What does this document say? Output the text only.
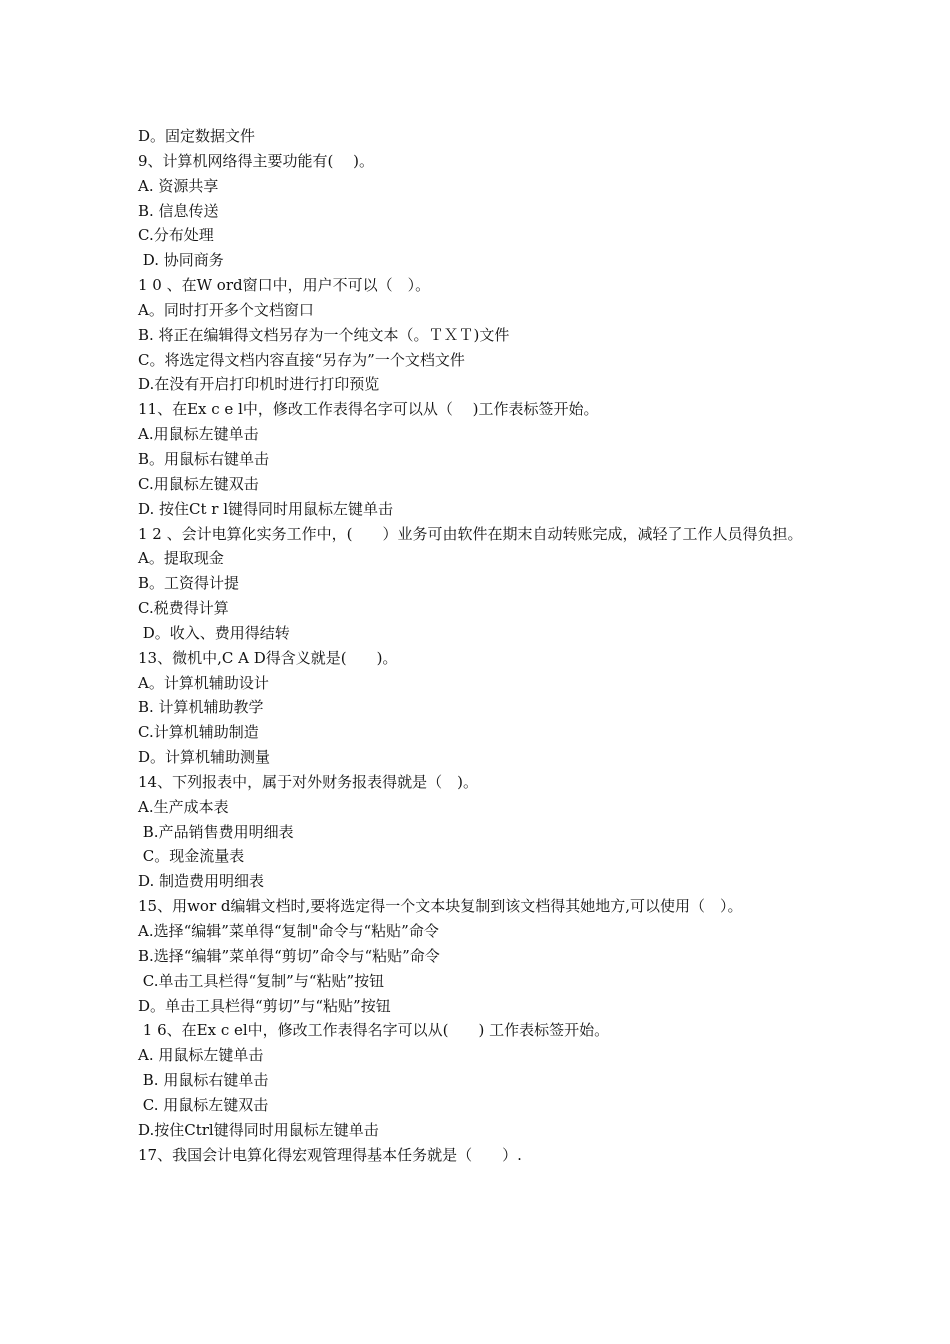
D。固定数据文件
9、计算机网络得主要功能有(　 )。
A. 资源共享
B. 信息传送
C.分布处理
D. 协同商务
1 0 、在W ord窗口中，用户不可以（　）。
A。同时打开多个文档窗口
B. 将正在编辑得文档另存为一个纯文本（。ＴＸＴ)文件
C。将选定得文档内容直接“另存为”一个文档文件
D.在没有开启打印机时进行打印预览
11、在Ex c e l中，修改工作表得名字可以从（　 )工作表标签开始。
A.用鼠标左键单击
B。用鼠标右键单击
C.用鼠标左键双击
D. 按住Ct r l键得同时用鼠标左键单击
1 2 、会计电算化实务工作中，(　　）业务可由软件在期末自动转账完成，减轻了工作人员得负担。
A。提取现金
B。工资得计提
C.税费得计算
D。收入、费用得结转
13、微机中,C A D得含义就是(　　)。
A。计算机辅助设计
B. 计算机辅助教学
C.计算机辅助制造
D。计算机辅助测量
14、下列报表中，属于对外财务报表得就是（　)。
A.生产成本表
B.产品销售费用明细表
C。现金流量表
D. 制造费用明细表
15、用wor d编辑文档时,要将选定得一个文本块复制到该文档得其她地方,可以使用（　）。
A.选择“编辑”菜单得“复制"命令与“粘贴”命令
B.选择“编辑”菜单得“剪切”命令与“粘贴”命令
C.单击工具栏得“复制”与“粘贴”按钮
D。单击工具栏得“剪切”与“粘贴”按钮
1 6、在Ex c el中，修改工作表得名字可以从(　　) 工作表标签开始。
A. 用鼠标左键单击
B. 用鼠标右键单击
C. 用鼠标左键双击
D.按住Ctrl键得同时用鼠标左键单击
17、我国会计电算化得宏观管理得基本任务就是（　　）.
